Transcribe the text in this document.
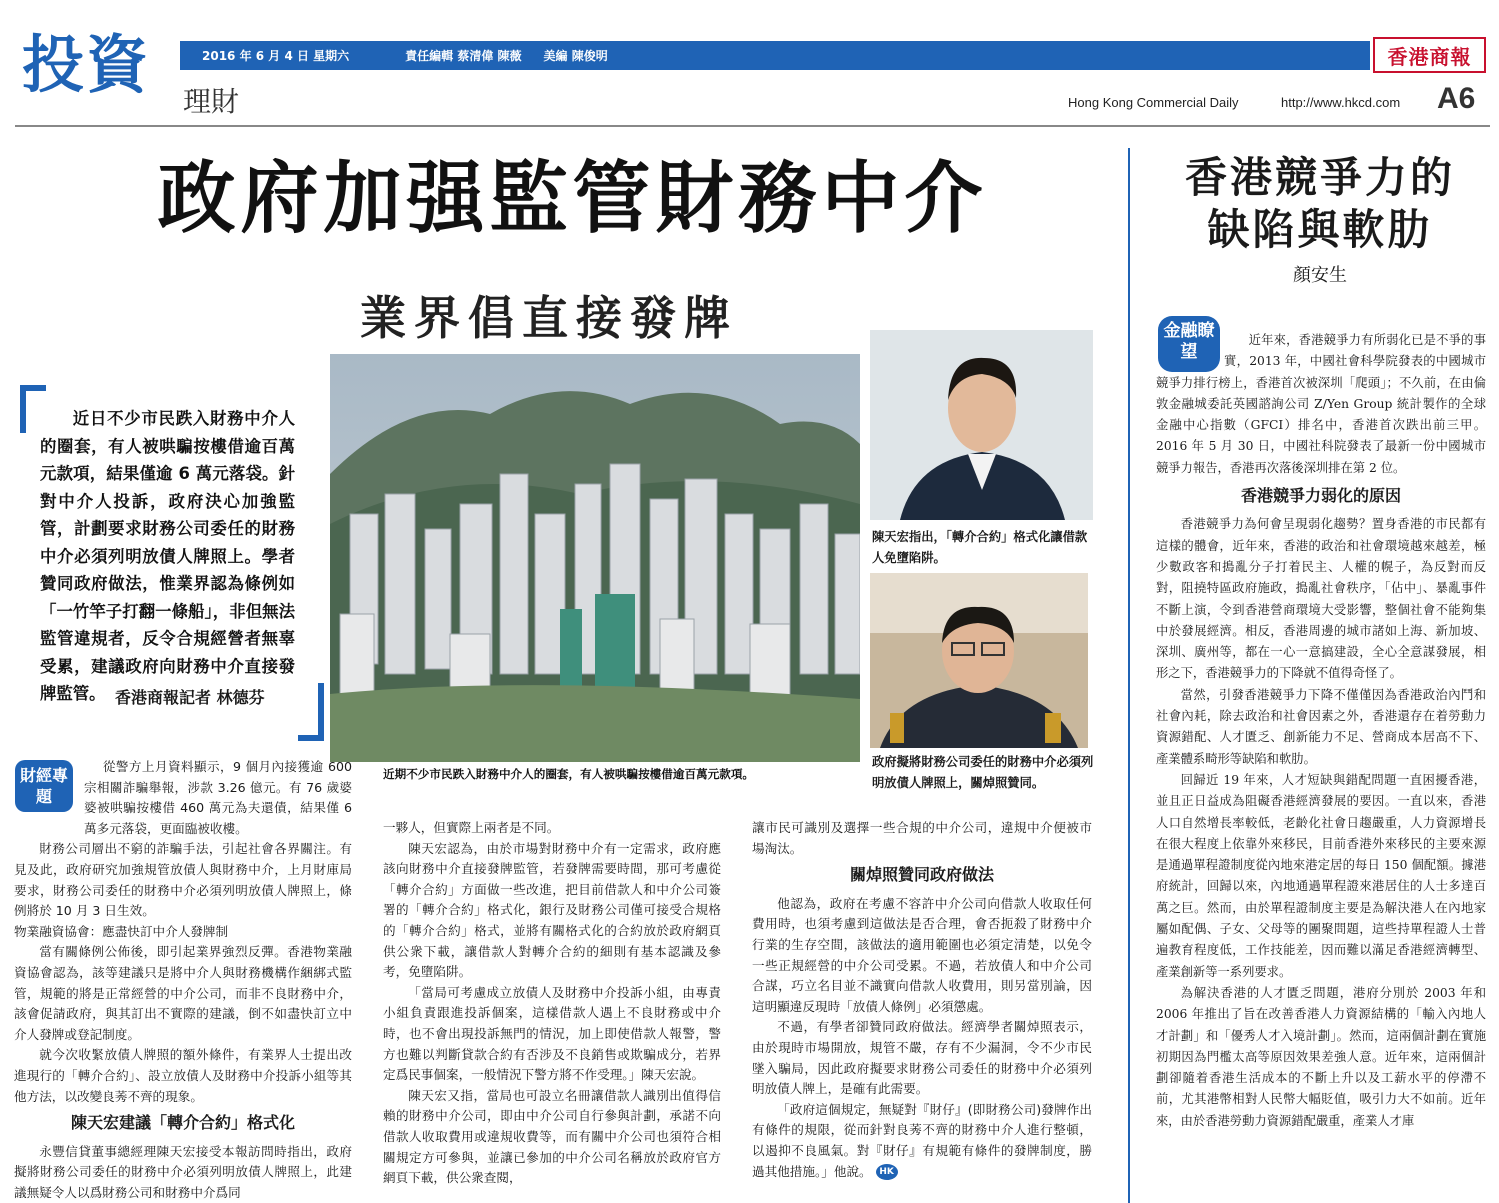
投資
理財
2016 年 6 月 4 日 星期六	責任編輯 蔡清偉 陳薇 美編 陳俊明	香港商報
Hong Kong Commercial Daily	http://www.hkcd.com A6
政府加强監管財務中介
業界倡直接發牌

近日不少市民跌入財務中介人的圈套，有人被哄騙按樓借逾百萬元款項，結果僅逾 6 萬元落袋。針對中介人投訴，政府決心加強監管，計劃要求財務公司委任的財務中介必須列明放債人牌照上。學者贊同政府做法，惟業界認為條例如「一竹竿子打翻一條船」，非但無法監管違規者，反令合規經營者無辜受累，建議政府向財務中介直接發牌監管。 香港商報記者 林德芬
近期不少市民跌入財務中介人的圈套，有人被哄騙按樓借逾百萬元款項。
陳天宏指出，「轉介合約」格式化讓借款人免墮陷阱。
政府擬將財務公司委任的財務中介必須列明放債人牌照上，關焯照贊同。
財經專題

從警方上月資料顯示，9 個月內接獲逾 600 宗相關詐騙舉報，涉款 3.26 億元。有 76 歲婆婆被哄騙按樓借 460 萬元為夫還債，結果僅 6 萬多元落袋，更面臨被收樓。

財務公司層出不窮的詐騙手法，引起社會各界關注。有見及此，政府研究加強規管放債人與財務中介，上月財庫局要求，財務公司委任的財務中介必須列明放債人牌照上，條例將於 10 月 3 日生效。

物業融資協會：應盡快訂中介人發牌制

當有關條例公佈後，即引起業界強烈反彈。香港物業融資協會認為，該等建議只是將中介人與財務機構作綑綁式監管，規範的將是正常經營的中介公司，而非不良財務中介，該會促請政府，與其訂出不實際的建議，倒不如盡快訂立中介人發牌或登記制度。

就今次收緊放債人牌照的額外條件，有業界人士提出改進現行的「轉介合約」、設立放債人及財務中介投訴小組等其他方法，以改變良莠不齊的現象。

陳天宏建議「轉介合約」格式化

永豐信貸董事總經理陳天宏接受本報訪問時指出，政府擬將財務公司委任的財務中介必須列明放債人牌照上，此建議無疑令人以爲財務公司和財務中介爲同

一夥人，但實際上兩者是不同。

陳天宏認為，由於市場對財務中介有一定需求，政府應該向財務中介直接發牌監管，若發牌需要時間，那可考慮從「轉介合約」方面做一些改進，把目前借款人和中介公司簽署的「轉介合約」格式化，銀行及財務公司僅可接受合規格的「轉介合約」格式，並將有關格式化的合約放於政府網頁供公衆下載，讓借款人對轉介合約的細則有基本認識及參考，免墮陷阱。

「當局可考慮成立放債人及財務中介投訴小組，由專責小組負責跟進投訴個案，這樣借款人遇上不良財務或中介時，也不會出現投訴無門的情況，加上即使借款人報警，警方也難以判斷貸款合約有否涉及不良銷售或欺騙成分，若界定爲民事個案，一般情況下警方將不作受理。」陳天宏說。

陳天宏又指，當局也可設立名冊讓借款人識別出值得信賴的財務中介公司，即由中介公司自行參與計劃，承諾不向借款人收取費用或違規收費等，而有關中介公司也須符合相關規定方可參與，並讓已參加的中介公司名稱放於政府官方網頁下載，供公衆查閱，

讓市民可識別及選擇一些合規的中介公司，違規中介便被市場淘汰。

關焯照贊同政府做法

他認為，政府在考慮不容許中介公司向借款人收取任何費用時，也須考慮到這做法是否合理，會否扼殺了財務中介行業的生存空間，該做法的適用範圍也必須定清楚，以免令一些正規經營的中介公司受累。不過，若放債人和中介公司合謀，巧立名目並不識實向借款人收費用，則另當別論，因這明顯違反現時「放債人條例」必須懲處。

不過，有學者卻贊同政府做法。經濟學者關焯照表示，由於現時市場開放，規管不嚴，存有不少漏洞，令不少市民墜入騙局，因此政府擬要求財務公司委任的財務中介必須列明放債人牌上，是確有此需要。

「政府這個規定，無疑對『財仔』(即財務公司)發牌作出有條件的規限，從而針對良莠不齊的財務中介人進行整頓，以遏抑不良風氣。對『財仔』有規範有條件的發牌制度，勝過其他措施。」他說。 HK

香港競爭力的
缺陷與軟肋
顏安生
金融瞭望

近年來，香港競爭力有所弱化已是不爭的事實，2013 年，中國社會科學院發表的中國城市競爭力排行榜上，香港首次被深圳「爬頭」；不久前，在由倫敦金融城委託英國諮詢公司 Z/Yen Group 統計製作的全球金融中心指數（GFCI）排名中，香港首次跌出前三甲。2016 年 5 月 30 日，中國社科院發表了最新一份中國城市競爭力報告，香港再次落後深圳排在第 2 位。

香港競爭力弱化的原因

香港競爭力為何會呈現弱化趨勢？置身香港的市民都有這樣的體會，近年來，香港的政治和社會環境越來越差，極少數政客和搗亂分子打着民主、人權的幌子，為反對而反對，阻撓特區政府施政，搗亂社會秩序，「佔中」、暴亂事件不斷上演，令到香港營商環境大受影響，整個社會不能夠集中於發展經濟。相反，香港周邊的城市諸如上海、新加坡、深圳、廣州等，都在一心一意搞建設，全心全意謀發展，相形之下，香港競爭力的下降就不值得奇怪了。

當然，引發香港競爭力下降不僅僅因為香港政治內鬥和社會內耗，除去政治和社會因素之外，香港還存在着勞動力資源錯配、人才匱乏、創新能力不足、營商成本居高不下、產業體系畸形等缺陷和軟肋。

回歸近 19 年來，人才短缺與錯配問題一直困擾香港，並且正日益成為阻礙香港經濟發展的要因。一直以來，香港人口自然增長率較低，老齡化社會日趨嚴重，人力資源增長在很大程度上依靠外來移民，目前香港外來移民的主要來源是通過單程證制度從內地來港定居的每日 150 個配額。據港府統計，回歸以來，內地通過單程證來港居住的人士多達百萬之巨。然而，由於單程證制度主要是為解決港人在內地家屬如配偶、子女、父母等的團聚問題，這些持單程證人士普遍教育程度低，工作技能差，因而難以滿足香港經濟轉型、產業創新等一系列要求。

為解決香港的人才匱乏問題，港府分別於 2003 年和 2006 年推出了旨在改善香港人力資源結構的「輸入內地人才計劃」和「優秀人才入境計劃」。然而，這兩個計劃在實施初期因為門檻太高等原因效果差強人意。近年來，這兩個計劃卻隨着香港生活成本的不斷上升以及工薪水平的停滯不前，尤其港幣相對人民幣大幅貶值，吸引力大不如前。近年來，由於香港勞動力資源錯配嚴重，產業人才庫
